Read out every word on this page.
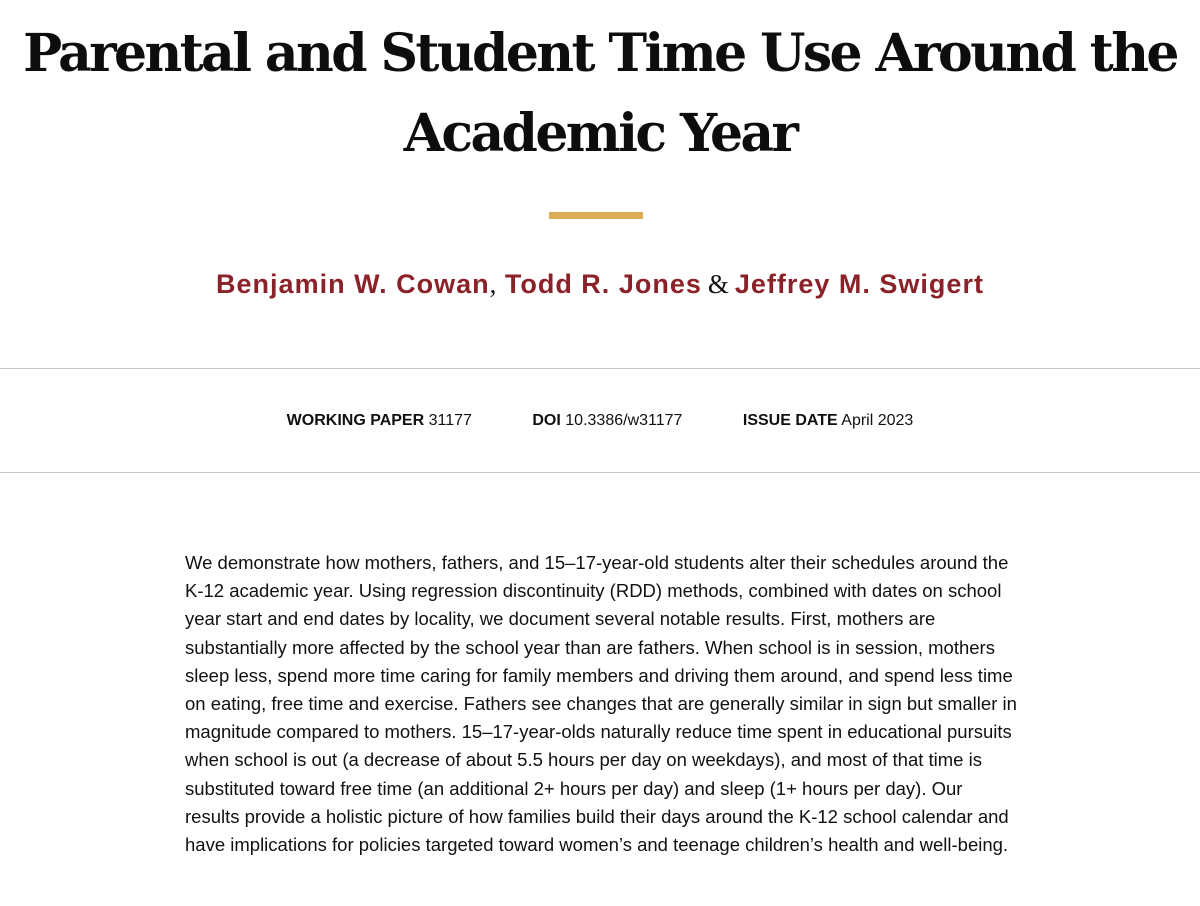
Parental and Student Time Use Around the Academic Year
Benjamin W. Cowan, Todd R. Jones & Jeffrey M. Swigert
WORKING PAPER 31177	DOI 10.3386/w31177	ISSUE DATE April 2023

We demonstrate how mothers, fathers, and 15–17-year-old students alter their schedules around the K-12 academic year. Using regression discontinuity (RDD) methods, combined with dates on school year start and end dates by locality, we document several notable results. First, mothers are substantially more affected by the school year than are fathers. When school is in session, mothers sleep less, spend more time caring for family members and driving them around, and spend less time on eating, free time and exercise. Fathers see changes that are generally similar in sign but smaller in magnitude compared to mothers. 15–17-year-olds naturally reduce time spent in educational pursuits when school is out (a decrease of about 5.5 hours per day on weekdays), and most of that time is substituted toward free time (an additional 2+ hours per day) and sleep (1+ hours per day). Our results provide a holistic picture of how families build their days around the K-12 school calendar and have implications for policies targeted toward women’s and teenage children’s health and well-being.
